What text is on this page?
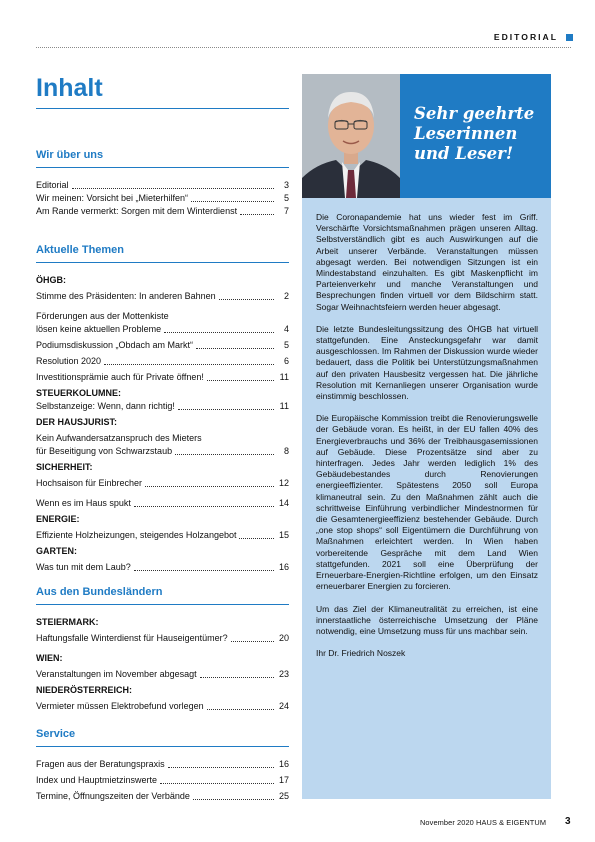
EDITORIAL
Inhalt
Wir über uns
Editorial	3
Wir meinen: Vorsicht bei „Mieterhilfen“	5
Am Rande vermerkt: Sorgen mit dem Winterdienst	7
Aktuelle Themen
ÖHGB:
Stimme des Präsidenten: In anderen Bahnen	2
Förderungen aus der Mottenkiste
lösen keine aktuellen Probleme	4
Podiumsdiskussion „Obdach am Markt“	5
Resolution 2020	6
Investitionsprämie auch für Private öffnen!	11
STEUERKOLUMNE:
Selbstanzeige: Wenn, dann richtig!	11
DER HAUSJURIST:
Kein Aufwandersatzanspruch des Mieters
für Beseitigung von Schwarzstaub	8
SICHERHEIT:
Hochsaison für Einbrecher	12
Wenn es im Haus spukt	14
ENERGIE:
Effiziente Holzheizungen, steigendes Holzangebot	15
GARTEN:
Was tun mit dem Laub?	16
Aus den Bundesländern
STEIERMARK:
Haftungsfalle Winterdienst für Hauseigentümer?	20
WIEN:
Veranstaltungen im November abgesagt	23
NIEDERÖSTERREICH:
Vermieter müssen Elektrobefund vorlegen	24
Service
Fragen aus der Beratungspraxis	16
Index und Hauptmietzinswerte	17
Termine, Öffnungszeiten der Verbände	25

Sehr geehrte
Leserinnen
und Leser!

Die Coronapandemie hat uns wieder fest im Griff. Verschärfte Vorsichtsmaßnahmen prägen unseren Alltag. Selbstverständlich gibt es auch Auswirkungen auf die Arbeit unserer Verbände. Veranstaltungen müssen abgesagt werden. Bei notwendigen Sitzungen ist ein Mindestabstand einzuhalten. Es gibt Maskenpflicht im Parteienverkehr und manche Veranstaltungen und Besprechungen finden virtuell vor dem Bildschirm statt. Sogar Weihnachtsfeiern werden heuer abgesagt.

Die letzte Bundesleitungssitzung des ÖHGB hat virtuell stattgefunden. Eine Ansteckungsgefahr war damit ausgeschlossen. Im Rahmen der Diskussion wurde wieder bedauert, dass die Politik bei Unterstützungsmaßnahmen auf den privaten Hausbesitz vergessen hat. Die jährliche Resolution mit Kernanliegen unserer Organisation wurde einstimmig beschlossen.

Die Europäische Kommission treibt die Renovierungswelle der Gebäude voran. Es heißt, in der EU fallen 40% des Energieverbrauchs und 36% der Treibhausgasemissionen auf Gebäude. Diese Prozentsätze sind aber zu hinterfragen. Jedes Jahr werden lediglich 1% des Gebäudebestandes durch Renovierungen energieeffizienter. Spätestens 2050 soll Europa klimaneutral sein. Zu den Maßnahmen zählt auch die schrittweise Einführung verbindlicher Mindestnormen für die Gesamtenergieeffizienz bestehender Gebäude. Durch „one stop shops“ soll Eigentümern die Durchführung von Maßnahmen erleichtert werden. In Wien haben vorbereitende Gespräche mit dem Land Wien stattgefunden. 2021 soll eine Überprüfung der Erneuerbare-Energien-Richtline erfolgen, um den Einsatz erneuerbarer Energien zu forcieren.

Um das Ziel der Klimaneutralität zu erreichen, ist eine innerstaatliche österreichische Umsetzung der Pläne notwendig, eine Umsetzung muss für uns machbar sein.

Ihr Dr. Friedrich Noszek

November 2020 HAUS & EIGENTUM 3
